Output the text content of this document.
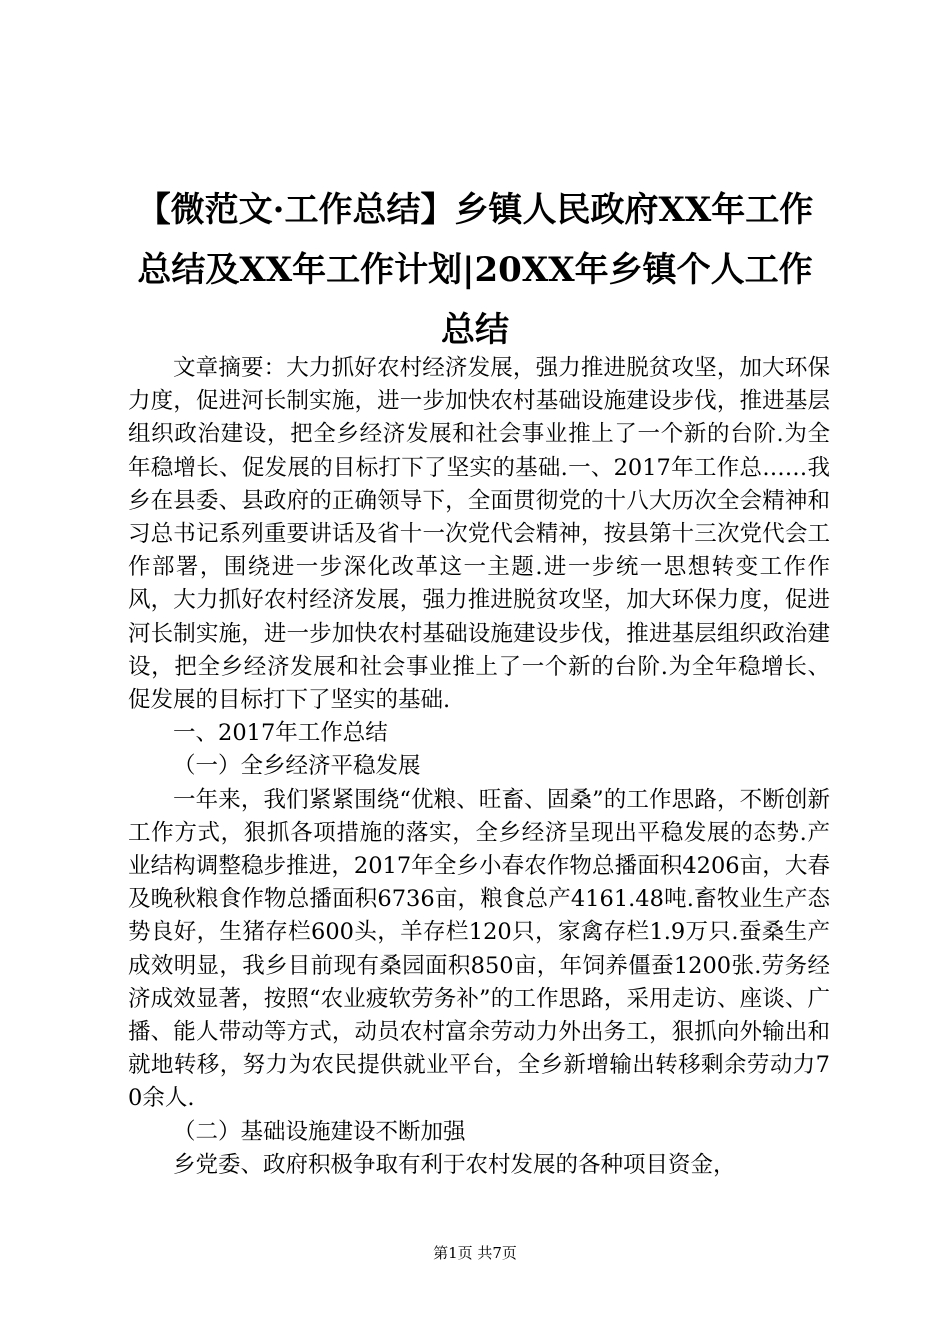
【微范文·工作总结】乡镇人民政府XX年工作总结及XX年工作计划|20XX年乡镇个人工作总结

文章摘要：大力抓好农村经济发展，强力推进脱贫攻坚，加大环保力度，促进河长制实施，进一步加快农村基础设施建设步伐，推进基层组织政治建设，把全乡经济发展和社会事业推上了一个新的台阶.为全年稳增长、促发展的目标打下了坚实的基础.一、2017年工作总……我乡在县委、县政府的正确领导下，全面贯彻党的十八大历次全会精神和习总书记系列重要讲话及省十一次党代会精神，按县第十三次党代会工作部署，围绕进一步深化改革这一主题.进一步统一思想转变工作作风，大力抓好农村经济发展，强力推进脱贫攻坚，加大环保力度，促进河长制实施，进一步加快农村基础设施建设步伐，推进基层组织政治建设，把全乡经济发展和社会事业推上了一个新的台阶.为全年稳增长、促发展的目标打下了坚实的基础.

一、2017年工作总结

（一）全乡经济平稳发展

一年来，我们紧紧围绕“优粮、旺畜、固桑”的工作思路，不断创新工作方式，狠抓各项措施的落实，全乡经济呈现出平稳发展的态势.产业结构调整稳步推进，2017年全乡小春农作物总播面积4206亩，大春及晚秋粮食作物总播面积6736亩，粮食总产4161.48吨.畜牧业生产态势良好，生猪存栏600头，羊存栏120只，家禽存栏1.9万只.蚕桑生产成效明显，我乡目前现有桑园面积850亩，年饲养僵蚕1200张.劳务经济成效显著，按照“农业疲软劳务补”的工作思路，采用走访、座谈、广播、能人带动等方式，动员农村富余劳动力外出务工，狠抓向外输出和就地转移，努力为农民提供就业平台，全乡新增输出转移剩余劳动力70余人.

（二）基础设施建设不断加强

乡党委、政府积极争取有利于农村发展的各种项目资金，

第1页 共7页
